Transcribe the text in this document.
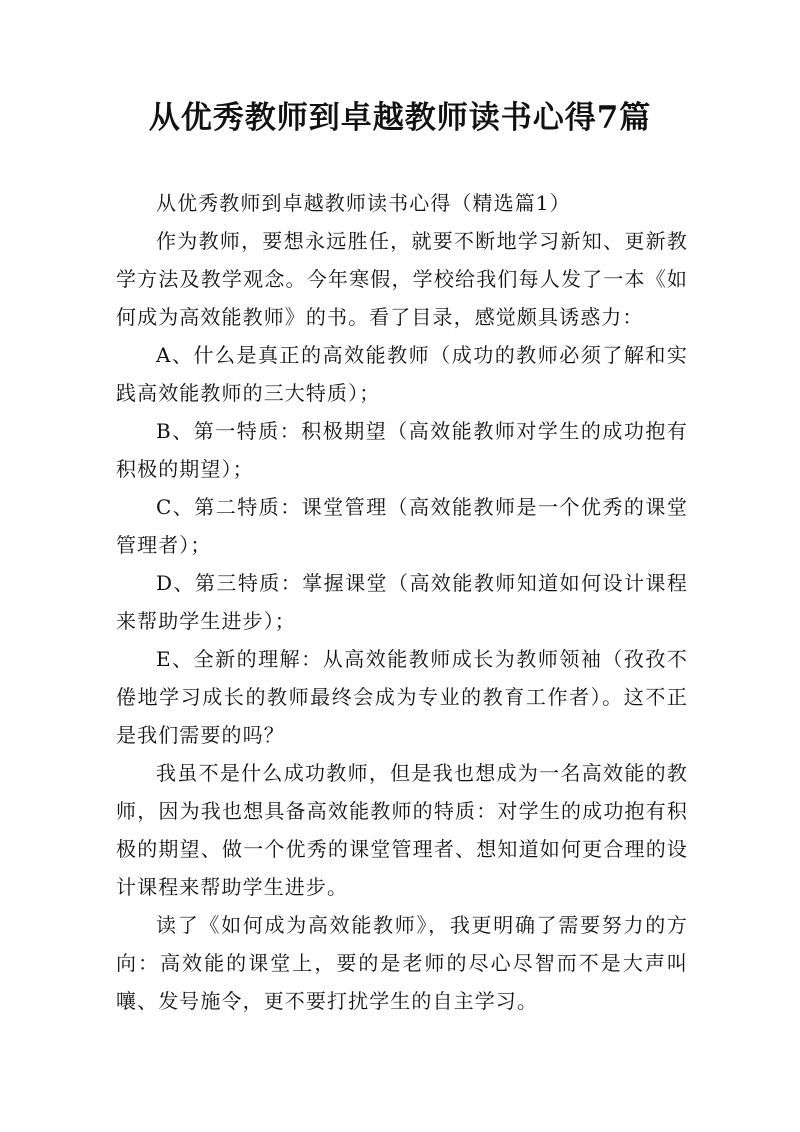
从优秀教师到卓越教师读书心得7篇

从优秀教师到卓越教师读书心得（精选篇1）

作为教师，要想永远胜任，就要不断地学习新知、更新教学方法及教学观念。今年寒假，学校给我们每人发了一本《如何成为高效能教师》的书。看了目录，感觉颇具诱惑力：

A、什么是真正的高效能教师（成功的教师必须了解和实践高效能教师的三大特质）；

B、第一特质：积极期望（高效能教师对学生的成功抱有积极的期望）；

C、第二特质：课堂管理（高效能教师是一个优秀的课堂管理者）；

D、第三特质：掌握课堂（高效能教师知道如何设计课程来帮助学生进步）；

E、全新的理解：从高效能教师成长为教师领袖（孜孜不倦地学习成长的教师最终会成为专业的教育工作者）。这不正是我们需要的吗？

我虽不是什么成功教师，但是我也想成为一名高效能的教师，因为我也想具备高效能教师的特质：对学生的成功抱有积极的期望、做一个优秀的课堂管理者、想知道如何更合理的设计课程来帮助学生进步。

读了《如何成为高效能教师》，我更明确了需要努力的方向：高效能的课堂上，要的是老师的尽心尽智而不是大声叫嚷、发号施令，更不要打扰学生的自主学习。
